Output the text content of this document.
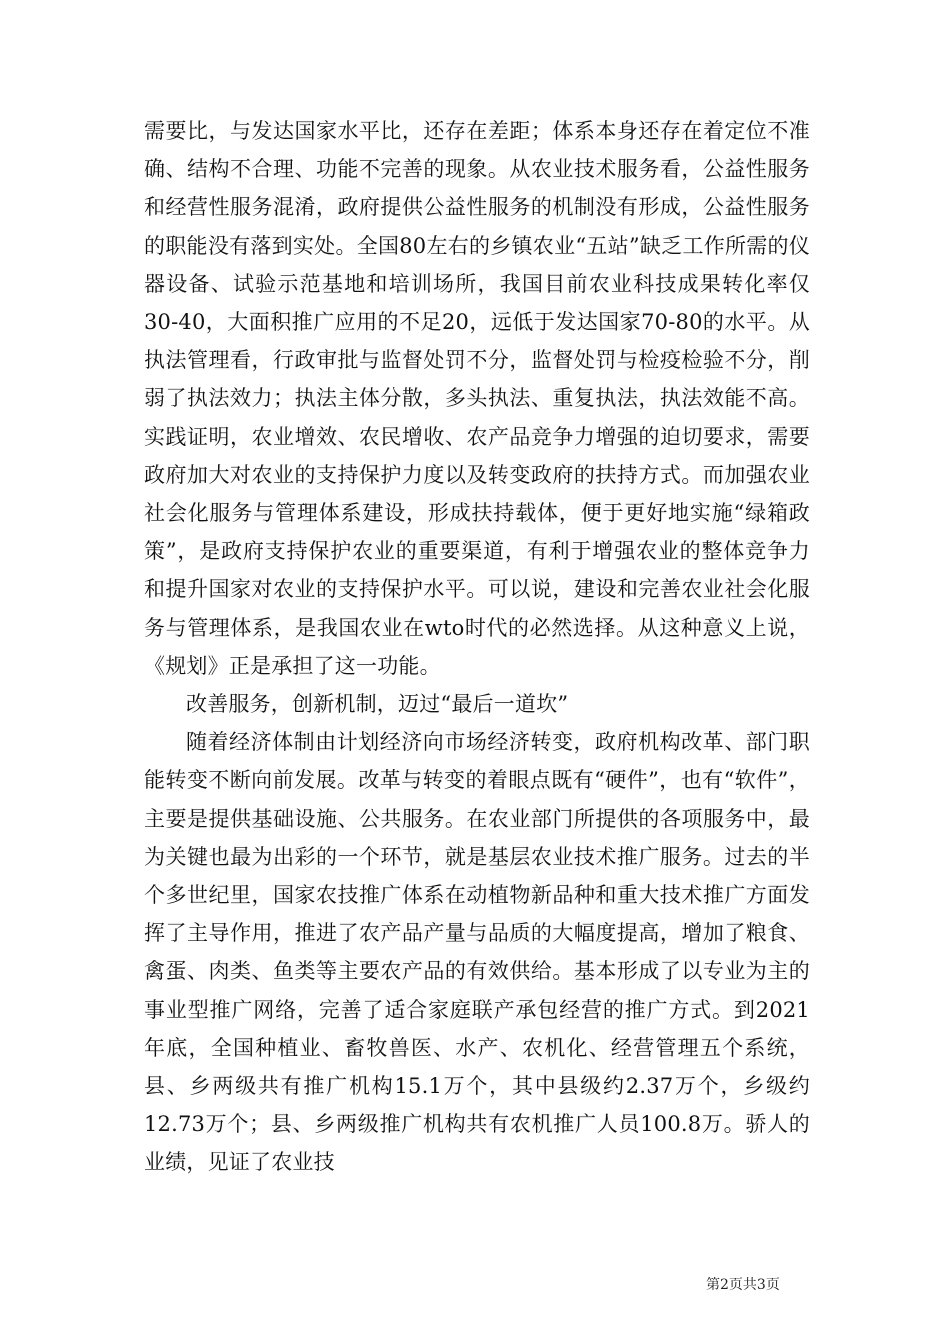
需要比，与发达国家水平比，还存在差距；体系本身还存在着定位不准确、结构不合理、功能不完善的现象。从农业技术服务看，公益性服务和经营性服务混淆，政府提供公益性服务的机制没有形成，公益性服务的职能没有落到实处。全国80左右的乡镇农业“五站”缺乏工作所需的仪器设备、试验示范基地和培训场所，我国目前农业科技成果转化率仅30-40，大面积推广应用的不足20，远低于发达国家70-80的水平。从执法管理看，行政审批与监督处罚不分，监督处罚与检疫检验不分，削弱了执法效力；执法主体分散，多头执法、重复执法，执法效能不高。实践证明，农业增效、农民增收、农产品竞争力增强的迫切要求，需要政府加大对农业的支持保护力度以及转变政府的扶持方式。而加强农业社会化服务与管理体系建设，形成扶持载体，便于更好地实施“绿箱政策”，是政府支持保护农业的重要渠道，有利于增强农业的整体竞争力和提升国家对农业的支持保护水平。可以说，建设和完善农业社会化服务与管理体系，是我国农业在wto时代的必然选择。从这种意义上说，《规划》正是承担了这一功能。

改善服务，创新机制，迈过“最后一道坎”

随着经济体制由计划经济向市场经济转变，政府机构改革、部门职能转变不断向前发展。改革与转变的着眼点既有“硬件”，也有“软件”，主要是提供基础设施、公共服务。在农业部门所提供的各项服务中，最为关键也最为出彩的一个环节，就是基层农业技术推广服务。过去的半个多世纪里，国家农技推广体系在动植物新品种和重大技术推广方面发挥了主导作用，推进了农产品产量与品质的大幅度提高，增加了粮食、禽蛋、肉类、鱼类等主要农产品的有效供给。基本形成了以专业为主的事业型推广网络，完善了适合家庭联产承包经营的推广方式。到2021年底，全国种植业、畜牧兽医、水产、农机化、经营管理五个系统，县、乡两级共有推广机构15.1万个，其中县级约2.37万个，乡级约12.73万个；县、乡两级推广机构共有农机推广人员100.8万。骄人的业绩，见证了农业技

第2页共3页
